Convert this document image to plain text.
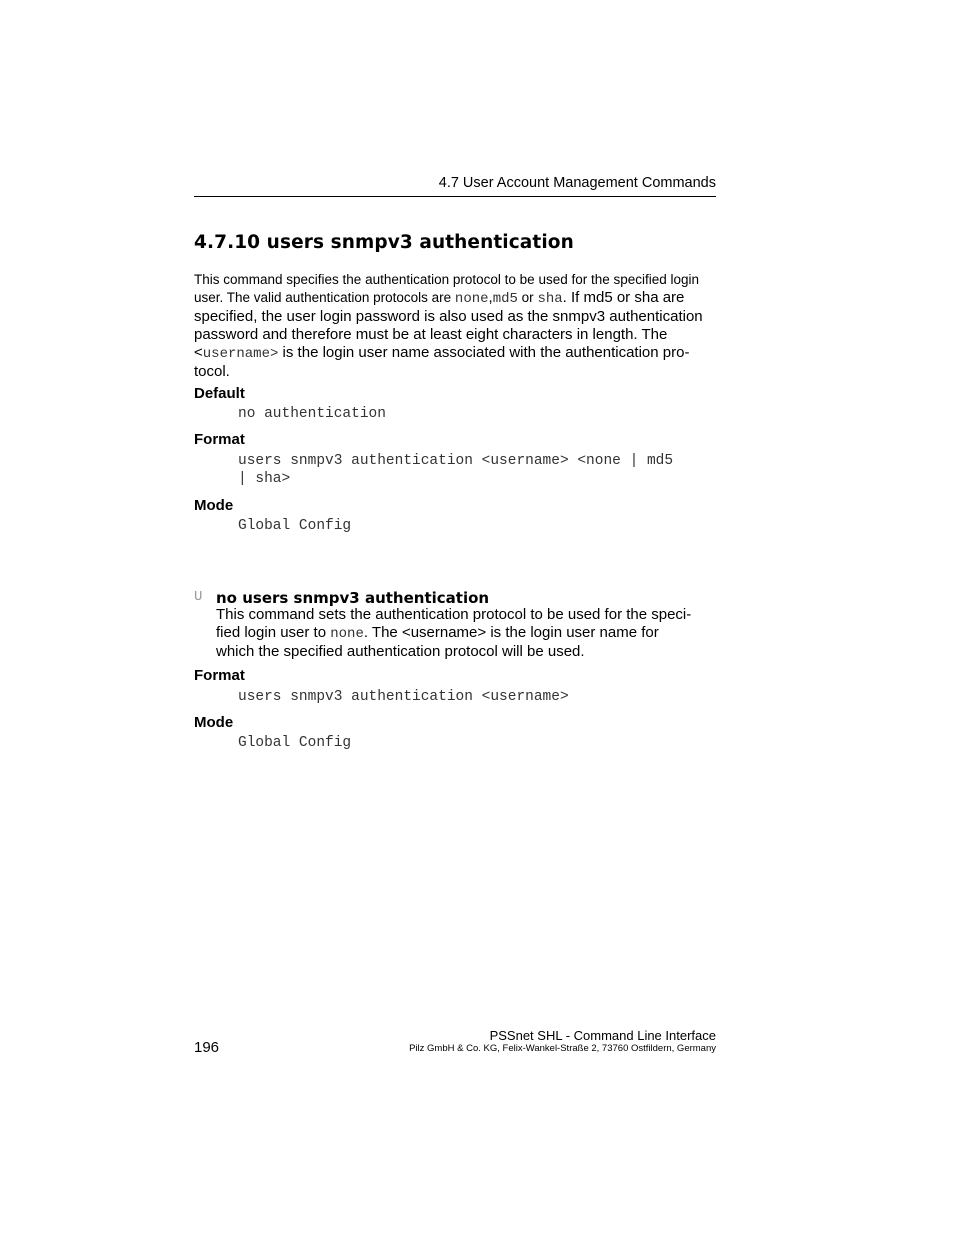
4.7 User Account Management Commands
4.7.10 users snmpv3 authentication
This command specifies the authentication protocol to be used for the specified login
user. The valid authentication protocols are none,md5 or sha. If md5 or sha are
specified, the user login password is also used as the snmpv3 authentication
password and therefore must be at least eight characters in length. The
<username> is the login user name associated with the authentication pro-
tocol.
Default
no authentication
Format
users snmpv3 authentication <username> <none | md5
| sha>
Mode
Global Config
U no users snmpv3 authentication
This command sets the authentication protocol to be used for the speci-
fied login user to none. The <username> is the login user name for
which the specified authentication protocol will be used.
Format
users snmpv3 authentication <username>
Mode
Global Config
196
PSSnet SHL - Command Line Interface
Pilz GmbH & Co. KG, Felix-Wankel-Straße 2, 73760 Ostfildern, Germany
